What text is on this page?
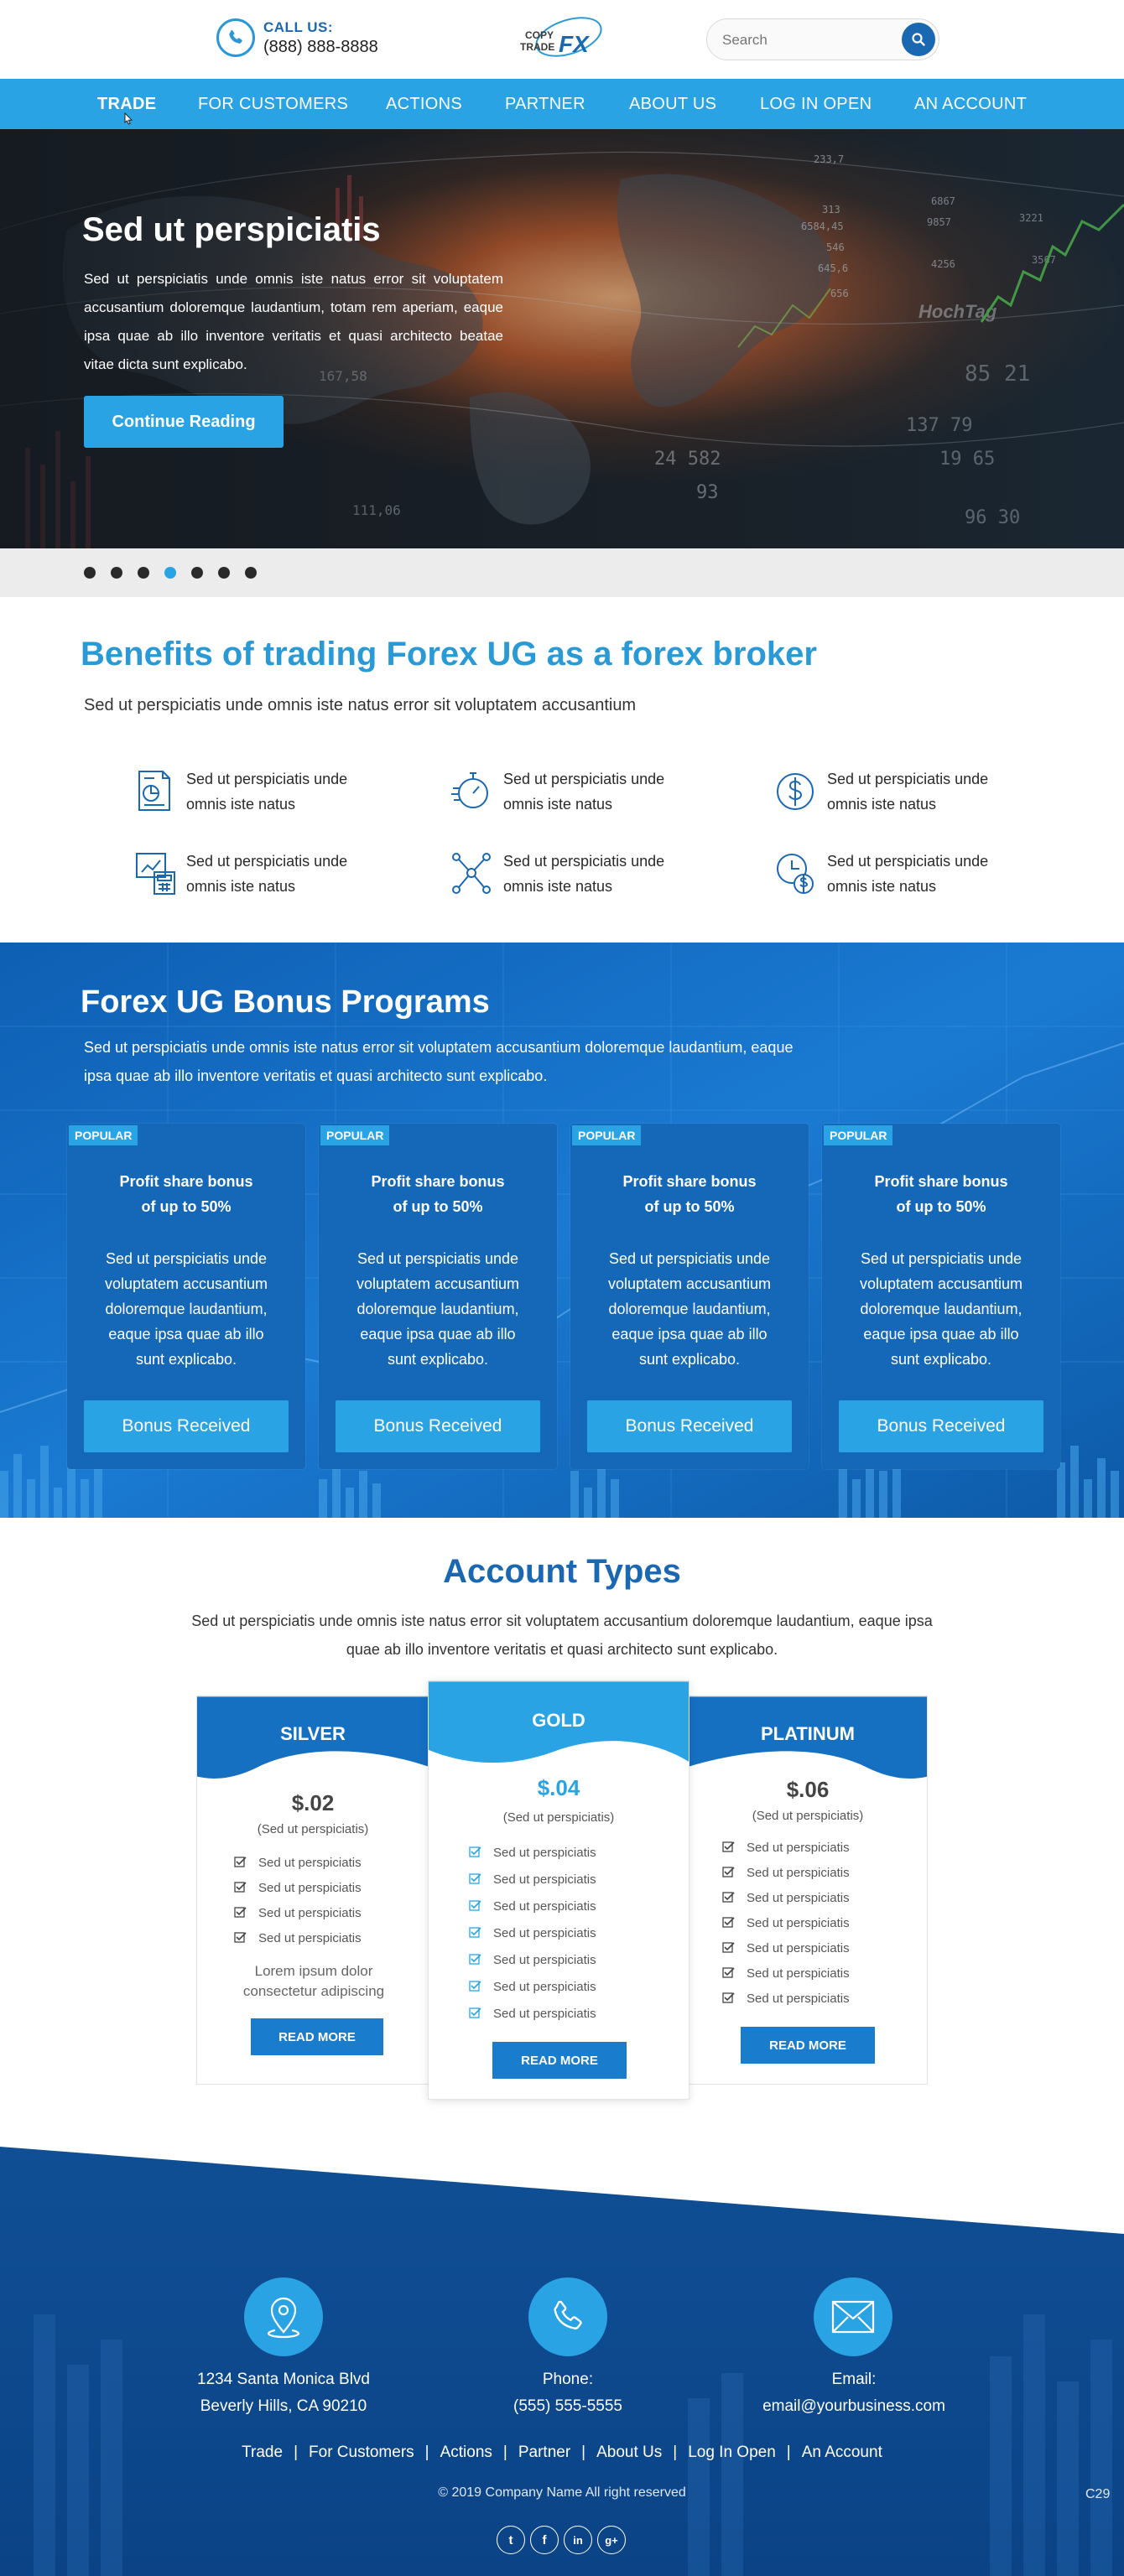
CALL US:
(888) 888-8888
COPY
TRADE FX
Search
TRADE FOR CUSTOMERS ACTIONS	PARTNER	ABOUT US	LOG IN OPEN	AN ACCOUNT
Sed ut perspiciatis
Sed ut perspiciatis unde omnis iste natus error sit voluptatem accusantium doloremque laudantium, totam rem aperiam, eaque ipsa quae ab illo inventore veritatis et quasi architecto beatae vitae dicta sunt explicabo.
Continue Reading
Benefits of trading Forex UG as a forex broker
Sed ut perspiciatis unde omnis iste natus error sit voluptatem accusantium
Sed ut perspiciatis unde omnis iste natus
Sed ut perspiciatis unde omnis iste natus
Sed ut perspiciatis unde omnis iste natus
Sed ut perspiciatis unde omnis iste natus
Sed ut perspiciatis unde omnis iste natus
Sed ut perspiciatis unde omnis iste natus
Forex UG Bonus Programs
Sed ut perspiciatis unde omnis iste natus error sit voluptatem accusantium doloremque laudantium, eaque ipsa quae ab illo inventore veritatis et quasi architecto sunt explicabo.
POPULAR
Profit share bonus
of up to 50%
Sed ut perspiciatis unde voluptatem accusantium doloremque laudantium, eaque ipsa quae ab illo sunt explicabo.
Bonus Received
POPULAR
Profit share bonus
of up to 50%
Sed ut perspiciatis unde voluptatem accusantium doloremque laudantium, eaque ipsa quae ab illo sunt explicabo.
Bonus Received
POPULAR
Profit share bonus
of up to 50%
Sed ut perspiciatis unde voluptatem accusantium doloremque laudantium, eaque ipsa quae ab illo sunt explicabo.
Bonus Received
POPULAR
Profit share bonus
of up to 50%
Sed ut perspiciatis unde voluptatem accusantium doloremque laudantium, eaque ipsa quae ab illo sunt explicabo.
Bonus Received
Account Types
Sed ut perspiciatis unde omnis iste natus error sit voluptatem accusantium doloremque laudantium, eaque ipsa quae ab illo inventore veritatis et quasi architecto sunt explicabo.
SILVER
$.02
(Sed ut perspiciatis)
Sed ut perspiciatis
Sed ut perspiciatis
Sed ut perspiciatis
Sed ut perspiciatis
Lorem ipsum dolor
consectetur adipiscing
READ MORE
PLATINUM
$.06
(Sed ut perspiciatis)
Sed ut perspiciatis
Sed ut perspiciatis
Sed ut perspiciatis
Sed ut perspiciatis
Sed ut perspiciatis
Sed ut perspiciatis
Sed ut perspiciatis
READ MORE
GOLD
$.04
(Sed ut perspiciatis)
Sed ut perspiciatis
Sed ut perspiciatis
Sed ut perspiciatis
Sed ut perspiciatis
Sed ut perspiciatis
Sed ut perspiciatis
Sed ut perspiciatis
READ MORE
1234 Santa Monica Blvd
Beverly Hills, CA 90210
Phone:
(555) 555-5555
Email:
email@yourbusiness.com
Trade | For Customers | Actions | Partner | About Us | Log In Open | An Account
© 2019 Company Name All right reserved	C29
t	f	in	g+
